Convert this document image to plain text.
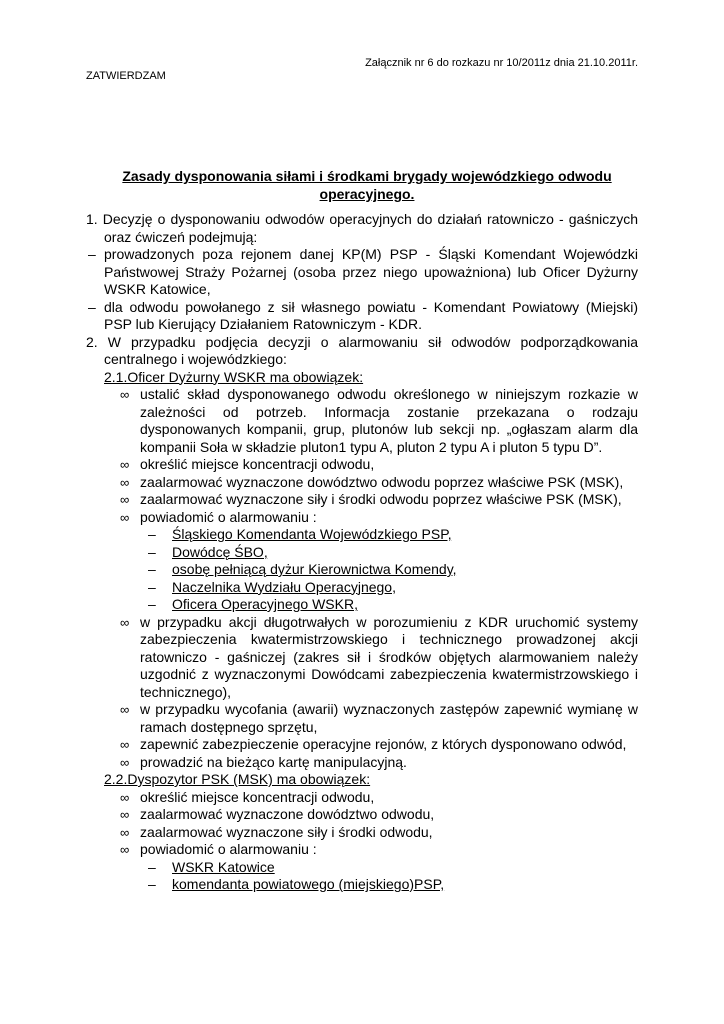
Załącznik nr 6 do rozkazu nr 10/2011z dnia 21.10.2011r.
ZATWIERDZAM
Zasady dysponowania siłami i środkami brygady wojewódzkiego odwodu operacyjnego.
1. Decyzję o dysponowaniu odwodów operacyjnych do działań ratowniczo - gaśniczych oraz ćwiczeń podejmują:
– prowadzonych poza rejonem danej KP(M) PSP - Śląski Komendant Wojewódzki Państwowej Straży Pożarnej (osoba przez niego upoważniona) lub Oficer Dyżurny WSKR Katowice,
– dla odwodu powołanego z sił własnego powiatu - Komendant Powiatowy (Miejski) PSP lub Kierujący Działaniem Ratowniczym - KDR.
2. W przypadku podjęcia decyzji o alarmowaniu sił odwodów podporządkowania centralnego i wojewódzkiego:
2.1.Oficer Dyżurny WSKR ma obowiązek:
∞ ustalić skład dysponowanego odwodu określonego w niniejszym rozkazie w zależności od potrzeb. Informacja zostanie przekazana o rodzaju dysponowanych kompanii, grup, plutonów lub sekcji np. „ogłaszam alarm dla kompanii Soła w składzie pluton1 typu A, pluton 2 typu A i pluton 5 typu D”.
∞ określić miejsce koncentracji odwodu,
∞ zaalarmować wyznaczone dowództwo odwodu poprzez właściwe PSK (MSK),
∞ zaalarmować wyznaczone siły i środki odwodu poprzez właściwe PSK (MSK),
∞ powiadomić o alarmowaniu :
– Śląskiego Komendanta Wojewódzkiego PSP,
– Dowódcę ŚBO,
– osobę pełniącą dyżur Kierownictwa Komendy,
– Naczelnika Wydziału Operacyjnego,
– Oficera Operacyjnego WSKR,
∞ w przypadku akcji długotrwałych w porozumieniu z KDR uruchomić systemy zabezpieczenia kwatermistrzowskiego i technicznego prowadzonej akcji ratowniczo - gaśniczej (zakres sił i środków objętych alarmowaniem należy uzgodnić z wyznaczonymi Dowódcami zabezpieczenia kwatermistrzowskiego i technicznego),
∞ w przypadku wycofania (awarii) wyznaczonych zastępów zapewnić wymianę w ramach dostępnego sprzętu,
∞ zapewnić zabezpieczenie operacyjne rejonów, z których dysponowano odwód,
∞ prowadzić na bieżąco kartę manipulacyjną.
2.2.Dyspozytor PSK (MSK) ma obowiązek:
∞ określić miejsce koncentracji odwodu,
∞ zaalarmować wyznaczone dowództwo odwodu,
∞ zaalarmować wyznaczone siły i środki odwodu,
∞ powiadomić o alarmowaniu :
– WSKR Katowice
– komendanta powiatowego (miejskiego)PSP,
